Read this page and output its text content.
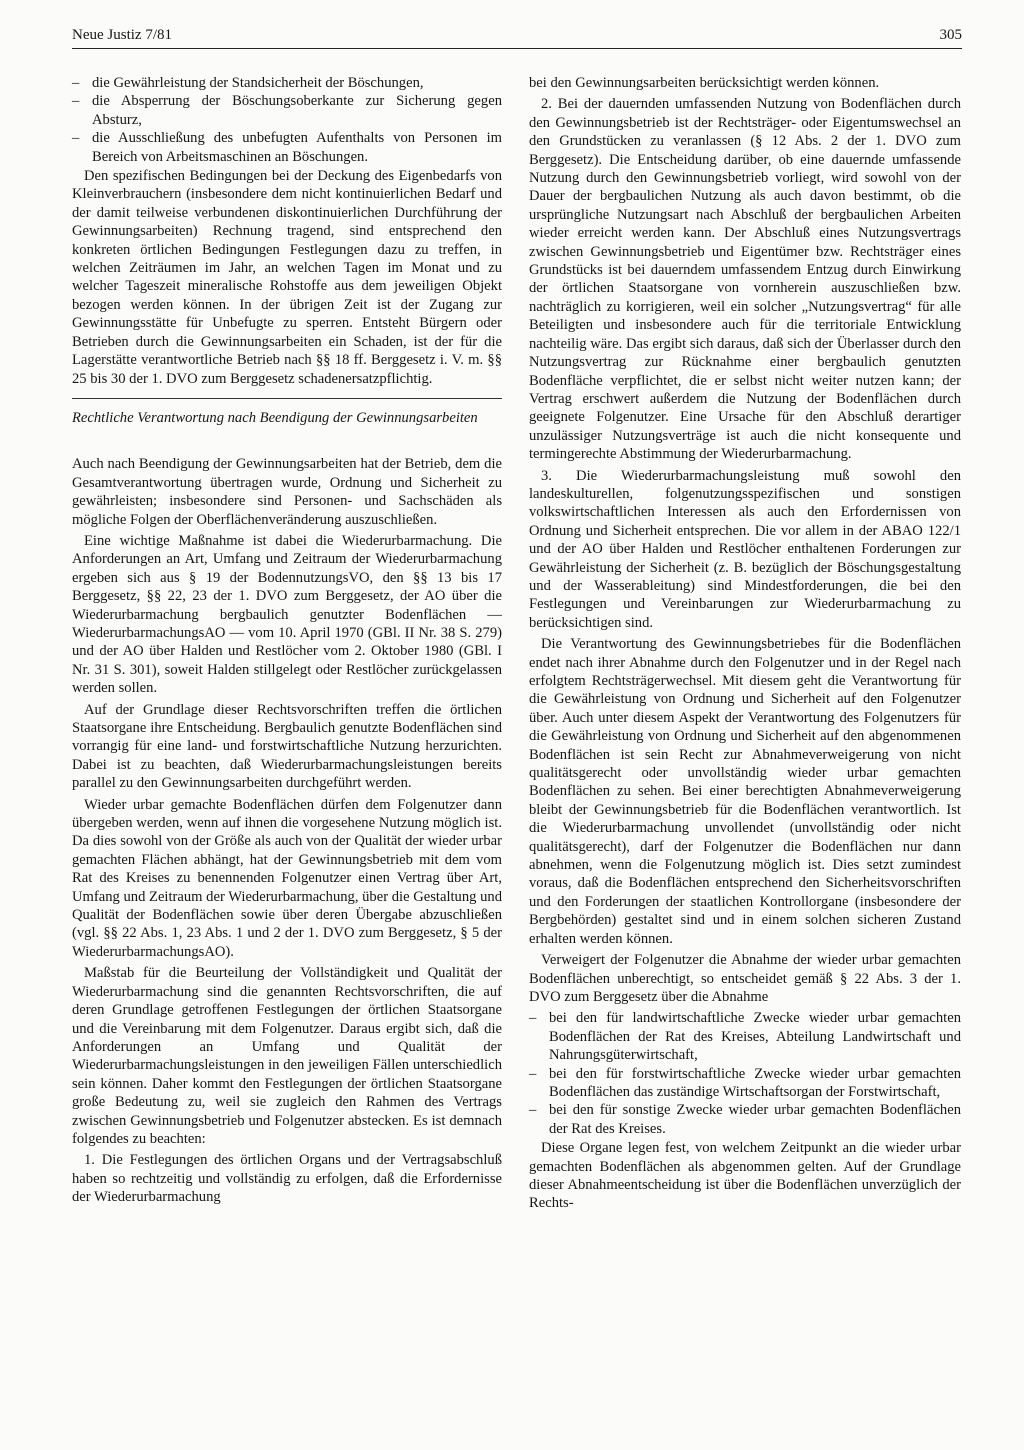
Neue Justiz 7/81	305
– die Gewährleistung der Standsicherheit der Böschungen,
– die Absperrung der Böschungsoberkante zur Sicherung gegen Absturz,
– die Ausschließung des unbefugten Aufenthalts von Personen im Bereich von Arbeitsmaschinen an Böschungen.

Den spezifischen Bedingungen bei der Deckung des Eigenbedarfs von Kleinverbrauchern (insbesondere dem nicht kontinuierlichen Bedarf und der damit teilweise verbundenen diskontinuierlichen Durchführung der Gewinnungsarbeiten) Rechnung tragend, sind entsprechend den konkreten örtlichen Bedingungen Festlegungen dazu zu treffen, in welchen Zeiträumen im Jahr, an welchen Tagen im Monat und zu welcher Tageszeit mineralische Rohstoffe aus dem jeweiligen Objekt bezogen werden können. In der übrigen Zeit ist der Zugang zur Gewinnungsstätte für Unbefugte zu sperren. Entsteht Bürgern oder Betrieben durch die Gewinnungsarbeiten ein Schaden, ist der für die Lagerstätte verantwortliche Betrieb nach §§ 18 ff. Berggesetz i. V. m. §§ 25 bis 30 der 1. DVO zum Berggesetz schadenersatzpflichtig.

Rechtliche Verantwortung nach Beendigung der Gewinnungsarbeiten

Auch nach Beendigung der Gewinnungsarbeiten hat der Betrieb, dem die Gesamtverantwortung übertragen wurde, Ordnung und Sicherheit zu gewährleisten; insbesondere sind Personen- und Sachschäden als mögliche Folgen der Oberflächenveränderung auszuschließen.

Eine wichtige Maßnahme ist dabei die Wiederurbarmachung. Die Anforderungen an Art, Umfang und Zeitraum der Wiederurbarmachung ergeben sich aus § 19 der BodennutzungsVO, den §§ 13 bis 17 Berggesetz, §§ 22, 23 der 1. DVO zum Berggesetz, der AO über die Wiederurbarmachung bergbaulich genutzter Bodenflächen — WiederurbarmachungsAO — vom 10. April 1970 (GBl. II Nr. 38 S. 279) und der AO über Halden und Restlöcher vom 2. Oktober 1980 (GBl. I Nr. 31 S. 301), soweit Halden stillgelegt oder Restlöcher zurückgelassen werden sollen.

Auf der Grundlage dieser Rechtsvorschriften treffen die örtlichen Staatsorgane ihre Entscheidung. Bergbaulich genutzte Bodenflächen sind vorrangig für eine land- und forstwirtschaftliche Nutzung herzurichten. Dabei ist zu beachten, daß Wiederurbarmachungsleistungen bereits parallel zu den Gewinnungsarbeiten durchgeführt werden.

Wieder urbar gemachte Bodenflächen dürfen dem Folgenutzer dann übergeben werden, wenn auf ihnen die vorgesehene Nutzung möglich ist. Da dies sowohl von der Größe als auch von der Qualität der wieder urbar gemachten Flächen abhängt, hat der Gewinnungsbetrieb mit dem vom Rat des Kreises zu benennenden Folgenutzer einen Vertrag über Art, Umfang und Zeitraum der Wiederurbarmachung, über die Gestaltung und Qualität der Bodenflächen sowie über deren Übergabe abzuschließen (vgl. §§ 22 Abs. 1, 23 Abs. 1 und 2 der 1. DVO zum Berggesetz, § 5 der WiederurbarmachungsAO).

Maßstab für die Beurteilung der Vollständigkeit und Qualität der Wiederurbarmachung sind die genannten Rechtsvorschriften, die auf deren Grundlage getroffenen Festlegungen der örtlichen Staatsorgane und die Vereinbarung mit dem Folgenutzer. Daraus ergibt sich, daß die Anforderungen an Umfang und Qualität der Wiederurbarmachungsleistungen in den jeweiligen Fällen unterschiedlich sein können. Daher kommt den Festlegungen der örtlichen Staatsorgane große Bedeutung zu, weil sie zugleich den Rahmen des Vertrags zwischen Gewinnungsbetrieb und Folgenutzer abstecken. Es ist demnach folgendes zu beachten:

1. Die Festlegungen des örtlichen Organs und der Vertragsabschluß haben so rechtzeitig und vollständig zu erfolgen, daß die Erfordernisse der Wiederurbarmachung

bei den Gewinnungsarbeiten berücksichtigt werden können.

2. Bei der dauernden umfassenden Nutzung von Bodenflächen durch den Gewinnungsbetrieb ist der Rechtsträger- oder Eigentumswechsel an den Grundstücken zu veranlassen (§ 12 Abs. 2 der 1. DVO zum Berggesetz). Die Entscheidung darüber, ob eine dauernde umfassende Nutzung durch den Gewinnungsbetrieb vorliegt, wird sowohl von der Dauer der bergbaulichen Nutzung als auch davon bestimmt, ob die ursprüngliche Nutzungsart nach Abschluß der bergbaulichen Arbeiten wieder erreicht werden kann. Der Abschluß eines Nutzungsvertrags zwischen Gewinnungsbetrieb und Eigentümer bzw. Rechtsträger eines Grundstücks ist bei dauerndem umfassendem Entzug durch Einwirkung der örtlichen Staatsorgane von vornherein auszuschließen bzw. nachträglich zu korrigieren, weil ein solcher „Nutzungsvertrag“ für alle Beteiligten und insbesondere auch für die territoriale Entwicklung nachteilig wäre. Das ergibt sich daraus, daß sich der Überlasser durch den Nutzungsvertrag zur Rücknahme einer bergbaulich genutzten Bodenfläche verpflichtet, die er selbst nicht weiter nutzen kann; der Vertrag erschwert außerdem die Nutzung der Bodenflächen durch geeignete Folgenutzer. Eine Ursache für den Abschluß derartiger unzulässiger Nutzungsverträge ist auch die nicht konsequente und termingerechte Abstimmung der Wiederurbarmachung.

3. Die Wiederurbarmachungsleistung muß sowohl den landeskulturellen, folgenutzungsspezifischen und sonstigen volkswirtschaftlichen Interessen als auch den Erfordernissen von Ordnung und Sicherheit entsprechen. Die vor allem in der ABAO 122/1 und der AO über Halden und Restlöcher enthaltenen Forderungen zur Gewährleistung der Sicherheit (z. B. bezüglich der Böschungsgestaltung und der Wasserableitung) sind Mindestforderungen, die bei den Festlegungen und Vereinbarungen zur Wiederurbarmachung zu berücksichtigen sind.

Die Verantwortung des Gewinnungsbetriebes für die Bodenflächen endet nach ihrer Abnahme durch den Folgenutzer und in der Regel nach erfolgtem Rechtsträgerwechsel. Mit diesem geht die Verantwortung für die Gewährleistung von Ordnung und Sicherheit auf den Folgenutzer über. Auch unter diesem Aspekt der Verantwortung des Folgenutzers für die Gewährleistung von Ordnung und Sicherheit auf den abgenommenen Bodenflächen ist sein Recht zur Abnahmeverweigerung von nicht qualitätsgerecht oder unvollständig wieder urbar gemachten Bodenflächen zu sehen. Bei einer berechtigten Abnahmeverweigerung bleibt der Gewinnungsbetrieb für die Bodenflächen verantwortlich. Ist die Wiederurbarmachung unvollendet (unvollständig oder nicht qualitätsgerecht), darf der Folgenutzer die Bodenflächen nur dann abnehmen, wenn die Folgenutzung möglich ist. Dies setzt zumindest voraus, daß die Bodenflächen entsprechend den Sicherheitsvorschriften und den Forderungen der staatlichen Kontrollorgane (insbesondere der Bergbehörden) gestaltet sind und in einem solchen sicheren Zustand erhalten werden können.

Verweigert der Folgenutzer die Abnahme der wieder urbar gemachten Bodenflächen unberechtigt, so entscheidet gemäß § 22 Abs. 3 der 1. DVO zum Berggesetz über die Abnahme

– bei den für landwirtschaftliche Zwecke wieder urbar gemachten Bodenflächen der Rat des Kreises, Abteilung Landwirtschaft und Nahrungsgüterwirtschaft,
– bei den für forstwirtschaftliche Zwecke wieder urbar gemachten Bodenflächen das zuständige Wirtschaftsorgan der Forstwirtschaft,
– bei den für sonstige Zwecke wieder urbar gemachten Bodenflächen der Rat des Kreises.

Diese Organe legen fest, von welchem Zeitpunkt an die wieder urbar gemachten Bodenflächen als abgenommen gelten. Auf der Grundlage dieser Abnahmeentscheidung ist über die Bodenflächen unverzüglich der Rechts-
